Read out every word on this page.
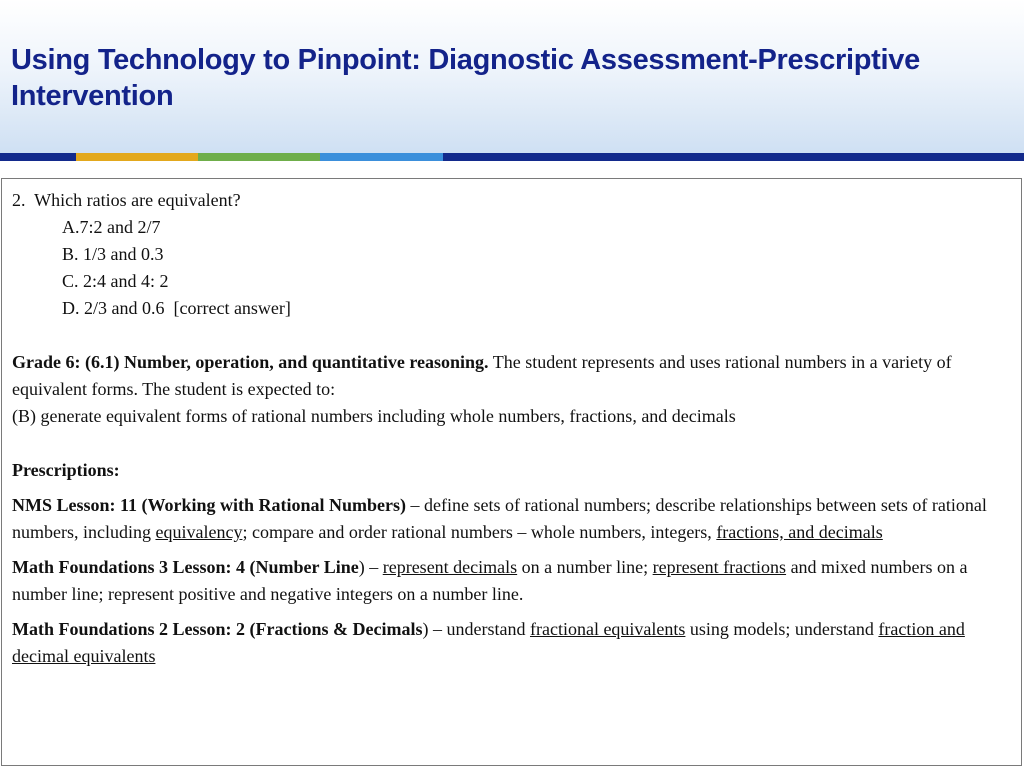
Using Technology to Pinpoint: Diagnostic Assessment-Prescriptive Intervention
2.  Which ratios are equivalent?
A.7:2 and 2/7
B. 1/3 and 0.3
C. 2:4 and 4: 2
D. 2/3 and 0.6  [correct answer]
Grade 6: (6.1) Number, operation, and quantitative reasoning. The student represents and uses rational numbers in a variety of equivalent forms. The student is expected to:
(B) generate equivalent forms of rational numbers including whole numbers, fractions, and decimals
Prescriptions:
NMS Lesson: 11 (Working with Rational Numbers) – define sets of rational numbers; describe relationships between sets of rational numbers, including equivalency; compare and order rational numbers – whole numbers, integers, fractions, and decimals
Math Foundations 3 Lesson: 4 (Number Line) – represent decimals on a number line; represent fractions and mixed numbers on a number line; represent positive and negative integers on a number line.
Math Foundations 2 Lesson: 2 (Fractions & Decimals) – understand fractional equivalents using models; understand fraction and decimal equivalents
